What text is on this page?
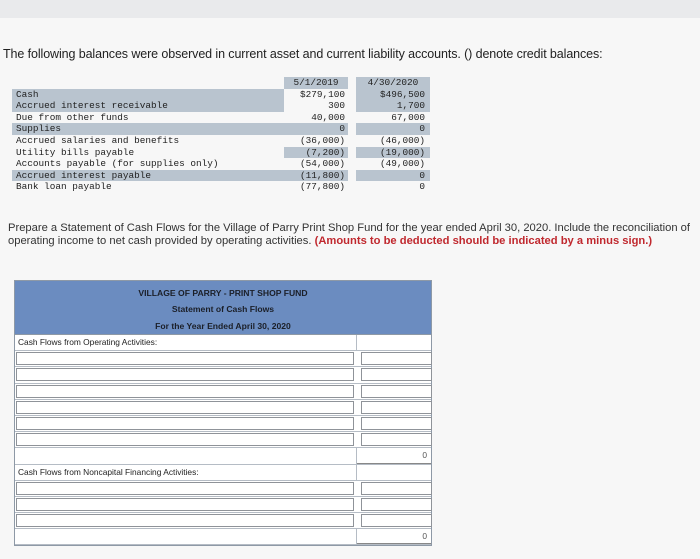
The following balances were observed in current asset and current liability accounts. () denote credit balances:
5/1/2019	4/30/2020
Cash	$279,100	$496,500
Accrued interest receivable	300	1,700
Due from other funds	40,000	67,000
Supplies	0	0
Accrued salaries and benefits	(36,000)	(46,000)
Utility bills payable	(7,200)	(19,000)
Accounts payable (for supplies only)	(54,000)	(49,000)
Accrued interest payable	(11,800)	0
Bank loan payable	(77,800)	0
Prepare a Statement of Cash Flows for the Village of Parry Print Shop Fund for the year ended April 30, 2020. Include the reconciliation of operating income to net cash provided by operating activities. (Amounts to be deducted should be indicated by a minus sign.)
VILLAGE OF PARRY - PRINT SHOP FUND
Statement of Cash Flows
For the Year Ended April 30, 2020
Cash Flows from Operating Activities:
0
Cash Flows from Noncapital Financing Activities:
0
